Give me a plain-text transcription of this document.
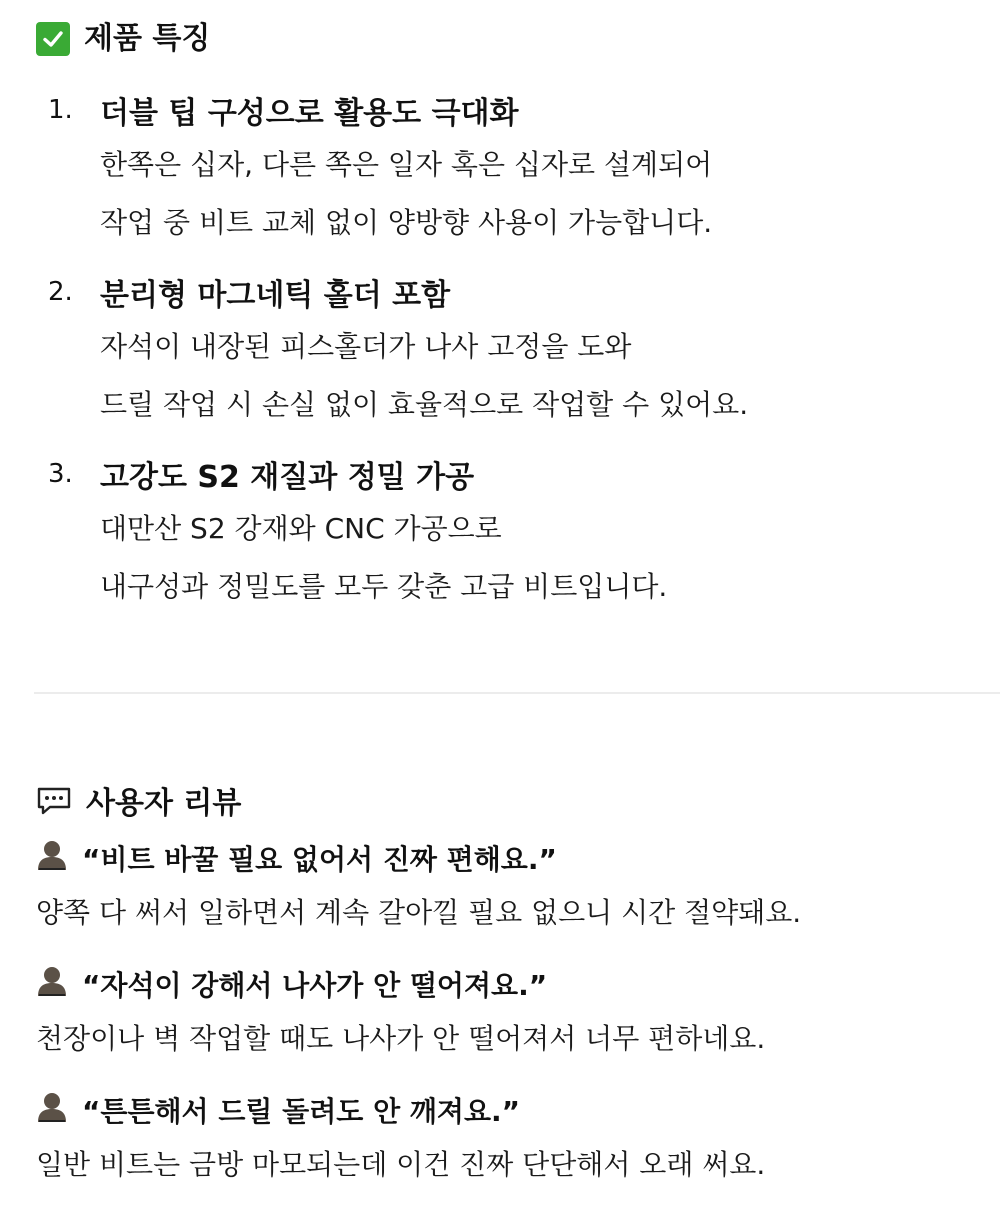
제품 특징
1. 더블 팁 구성으로 활용도 극대화
한쪽은 십자, 다른 쪽은 일자 혹은 십자로 설계되어
작업 중 비트 교체 없이 양방향 사용이 가능합니다.
2. 분리형 마그네틱 홀더 포함
자석이 내장된 피스홀더가 나사 고정을 도와
드릴 작업 시 손실 없이 효율적으로 작업할 수 있어요.
3. 고강도 S2 재질과 정밀 가공
대만산 S2 강재와 CNC 가공으로
내구성과 정밀도를 모두 갖춘 고급 비트입니다.
사용자 리뷰
“비트 바꿀 필요 없어서 진짜 편해요.”
양쪽 다 써서 일하면서 계속 갈아낄 필요 없으니 시간 절약돼요.
“자석이 강해서 나사가 안 떨어져요.”
천장이나 벽 작업할 때도 나사가 안 떨어져서 너무 편하네요.
“튼튼해서 드릴 돌려도 안 깨져요.”
일반 비트는 금방 마모되는데 이건 진짜 단단해서 오래 써요.
